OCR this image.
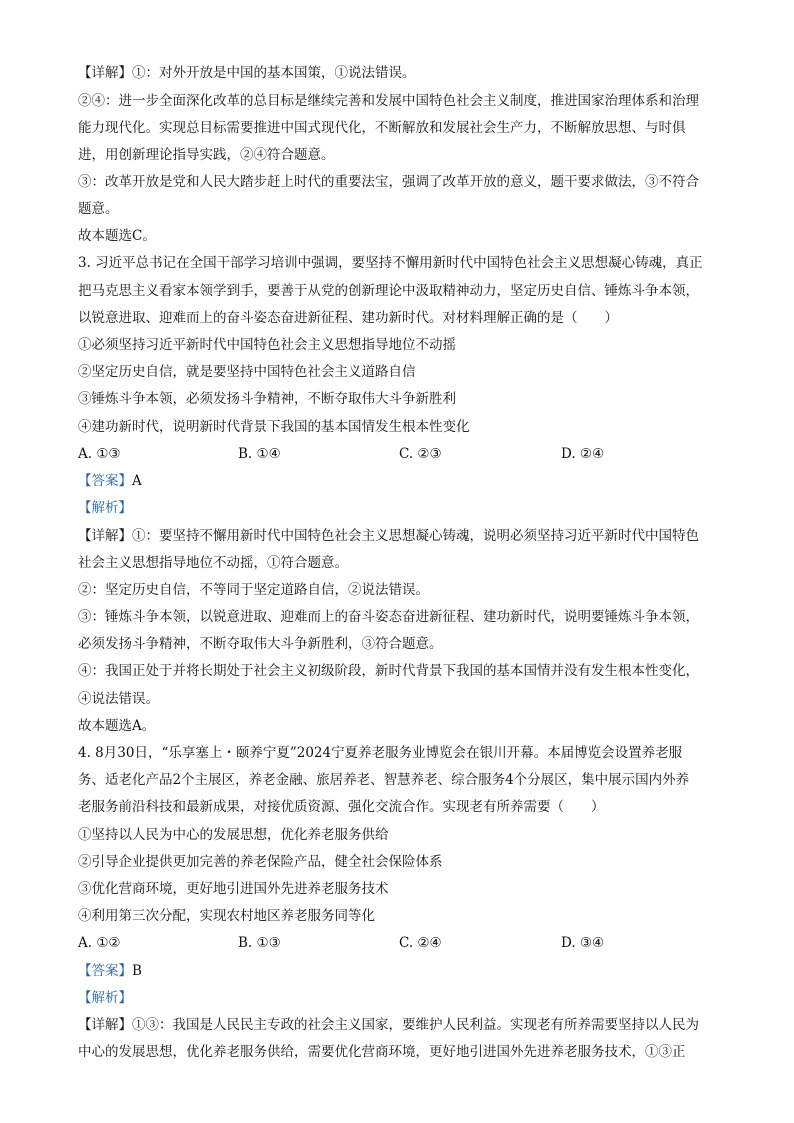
【详解】①：对外开放是中国的基本国策，①说法错误。
②④：进一步全面深化改革的总目标是继续完善和发展中国特色社会主义制度，推进国家治理体系和治理
能力现代化。实现总目标需要推进中国式现代化，不断解放和发展社会生产力，不断解放思想、与时俱
进，用创新理论指导实践，②④符合题意。
③：改革开放是党和人民大踏步赶上时代的重要法宝，强调了改革开放的意义，题干要求做法，③不符合
题意。
故本题选C。
3. 习近平总书记在全国干部学习培训中强调，要坚持不懈用新时代中国特色社会主义思想凝心铸魂，真正
把马克思主义看家本领学到手，要善于从党的创新理论中汲取精神动力，坚定历史自信、锤炼斗争本领，
以锐意进取、迎难而上的奋斗姿态奋进新征程、建功新时代。对材料理解正确的是（　　）
①必须坚持习近平新时代中国特色社会主义思想指导地位不动摇
②坚定历史自信，就是要坚持中国特色社会主义道路自信
③锤炼斗争本领，必须发扬斗争精神，不断夺取伟大斗争新胜利
④建功新时代，说明新时代背景下我国的基本国情发生根本性变化
A. ①③	B. ①④	C. ②③	D. ②④
【答案】A
【解析】
【详解】①：要坚持不懈用新时代中国特色社会主义思想凝心铸魂，说明必须坚持习近平新时代中国特色
社会主义思想指导地位不动摇，①符合题意。
②：坚定历史自信，不等同于坚定道路自信，②说法错误。
③：锤炼斗争本领，以锐意进取、迎难而上的奋斗姿态奋进新征程、建功新时代，说明要锤炼斗争本领，
必须发扬斗争精神，不断夺取伟大斗争新胜利，③符合题意。
④：我国正处于并将长期处于社会主义初级阶段，新时代背景下我国的基本国情并没有发生根本性变化，
④说法错误。
故本题选A。
4. 8月30日，“乐享塞上・颐养宁夏”2024宁夏养老服务业博览会在银川开幕。本届博览会设置养老服
务、适老化产品2个主展区，养老金融、旅居养老、智慧养老、综合服务4个分展区，集中展示国内外养
老服务前沿科技和最新成果，对接优质资源、强化交流合作。实现老有所养需要（　　）
①坚持以人民为中心的发展思想，优化养老服务供给
②引导企业提供更加完善的养老保险产品，健全社会保险体系
③优化营商环境，更好地引进国外先进养老服务技术
④利用第三次分配，实现农村地区养老服务同等化
A. ①②	B. ①③	C. ②④	D. ③④
【答案】B
【解析】
【详解】①③：我国是人民民主专政的社会主义国家，要维护人民利益。实现老有所养需要坚持以人民为
中心的发展思想，优化养老服务供给，需要优化营商环境，更好地引进国外先进养老服务技术，①③正
